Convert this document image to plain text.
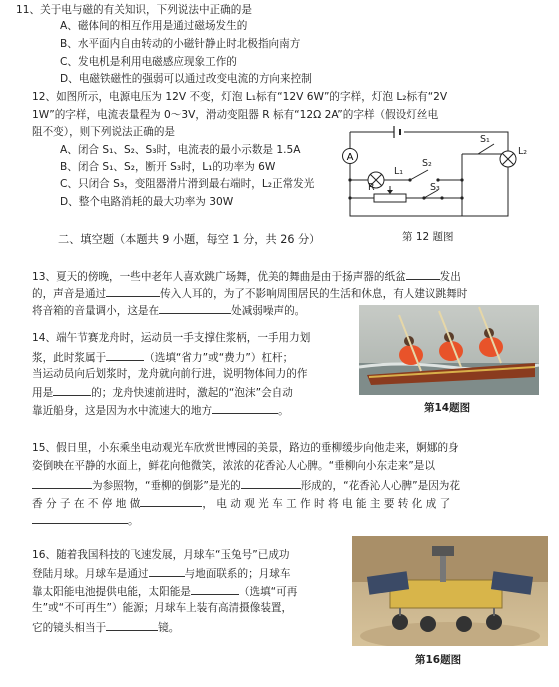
11、关于电与磁的有关知识，下列说法中正确的是
A、磁体间的相互作用是通过磁场发生的
B、水平面内自由转动的小磁针静止时北极指向南方
C、发电机是利用电磁感应现象工作的
D、电磁铁磁性的强弱可以通过改变电流的方向来控制
12、如图所示，电源电压为 12V 不变，灯泡 L₁标有“12V 6W”的字样，灯泡 L₂标有“2V
1W”的字样，电流表量程为 0～3V，滑动变阻器 R 标有“12Ω 2A”的字样（假设灯丝电
阻不变），则下列说法正确的是
A、闭合 S₁、S₂、S₃时，电流表的最小示数是 1.5A
B、闭合 S₁、S₂，断开 S₃时，L₁的功率为 6W
C、只闭合 S₃，变阻器滑片滑到最右端时，L₂正常发光
D、整个电路消耗的最大功率为 30W
A
S₁
S₂
S₃
L₁
L₂
R
第 12 题图
二、填空题（本题共 9 小题，每空 1 分，共 26 分）
13、夏天的傍晚，一些中老年人喜欢跳广场舞，优美的舞曲是由于扬声器的纸盆	发出
的，声音是通过	传入人耳的，为了不影响周围居民的生活和休息，有人建议跳舞时
将音箱的音量调小，这是在	处减弱噪声的。
14、端午节赛龙舟时，运动员一手支撑住浆柄，一手用力划
浆，此时浆属于	（选填“省力”或“费力”）杠杆；
当运动员向后划浆时，龙舟就向前行进，说明物体间力的作
用是	的；龙舟快速前进时，激起的“泡沫”会自动
靠近船身，这是因为水中流速大的地方	。	第14题图
15、假日里，小东乘坐电动观光车欣赏世博园的美景，路边的垂柳缓步向他走来，婀娜的身
姿倒映在平静的水面上，鲜花向他微笑，浓浓的花香沁人心脾。“垂柳向小东走来”是以
为参照物，“垂柳的倒影”是光的	形成的，“花香沁人心脾”是因为花
香 分 子 在 不 停 地 做	， 电 动 观 光 车 工 作 时 将 电 能 主 要 转 化 成 了
。
16、随着我国科技的飞速发展，月球车“玉兔号”已成功
登陆月球。月球车是通过	与地面联系的；月球车
靠太阳能电池提供电能，太阳能是	（选填“可再
生”或“不可再生”）能源；月球车上装有高清摄像装置，
它的镜头相当于	镜。
第16题图
